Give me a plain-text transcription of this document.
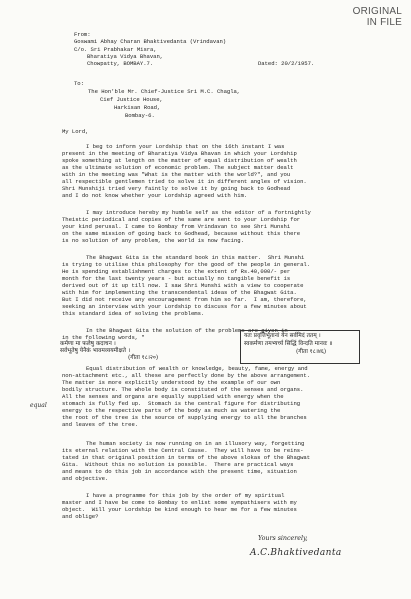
ORIGINAL
IN FILE
From:
Goswami Abhay Charan Bhaktivedanta (Vrindavan)
C/o. Sri Prabhakar Misra,
Bharatiya Vidya Bhavan,
Chowpatty, BOMBAY.7.	Dated: 20/2/1957.
To:
The Hon'ble Mr. Chief-Justice Sri M.C. Chagla,
Cief Justice House,
Harkisan Road,
Bombay-6.
My Lord,
I beg to inform your Lordship that on the 16th instant I was
present in the meeting of Bharatiya Vidya Bhavan in which your Lordship
spoke something at length on the matter of equal distribution of wealth
as the ultimate solution of economic problem. The subject matter dealt
with in the meeting was "What is the matter with the world?", and you
all respectible gentlemen tried to solve it in different angles of vision.
Shri Munshiji tried very faintly to solve it by going back to Godhead
and I do not know whether your Lordship agreed with him.
I may introduce hereby my humble self as the editor of a fortnightly
Theistic periodical and copies of the same are sent to your Lordship for
your kind perusal. I came to Bombay from Vrindavan to see Shri Munshi
on the same mission of going back to Godhead, because without this there
is no solution of any problem, the world is now facing.
The Bhagwat Gita is the standard book in this matter.  Shri Munshi
is trying to utilise this philosophy for the good of the people in general.
He is spending establishment charges to the extent of Rs.40,000/- per
month for the last twenty years - but actually no tangible benefit is
derived out of it up till now. I saw Shri Munshi with a view to cooperate
with him for implementing the transcendental ideas of the Bhagwat Gita.
But I did not receive any encouragement from him so far.  I am, therefore,
seeking an interview with your Lordship to discuss for a few minutes about
this standard idea of solving the problems.
In the Bhagwat Gita the solution of the problems are given in
in the following words, "
कर्मणा मा फलेषु कदाचन ।
सर्वभूतेषु येनैकं भावमव्ययमीक्षते ।
(गीता १८।२०)
यतः प्रवृत्तिर्भूतानां येन सर्वमिदं ततम् ।
स्वकर्मणा तमभ्यर्च्य सिद्धिं विन्दति मानवः ॥
(गीता १८।४६)
Equal distribution of wealth or knowledge, beauty, fame, energy and
non-attachment etc., all these are perfectly done by the above arrangement.
The matter is more explicitly understood by the example of our own
bodily structure. The whole body is constituted of the senses and organs.
All the senses and organs are equally supplied with energy when the
stomach is fully fed up.  Stomach is the central figure for distributing
energy to the respective parts of the body as much as watering the
the root of the tree is the source of supplying energy to all the branches
and leaves of the tree.
equal
The human society is now running on in an illusory way, forgetting
its eternal relation with the Central Cause.  They will have to be reins-
tated in that original position in terms of the above slokas of the Bhagwat
Gita.  Without this no solution is possible.  There are practical ways
and means to do this job in accordance with the present time, situation
and objective.
I have a programme for this job by the order of my spiritual
master and I have be come to Bombay to enlist some sympathisers with my
object.  Will your Lordship be kind enough to hear me for a few minutes
and oblige?
Yours sincerely,
A.C.Bhaktivedanta
